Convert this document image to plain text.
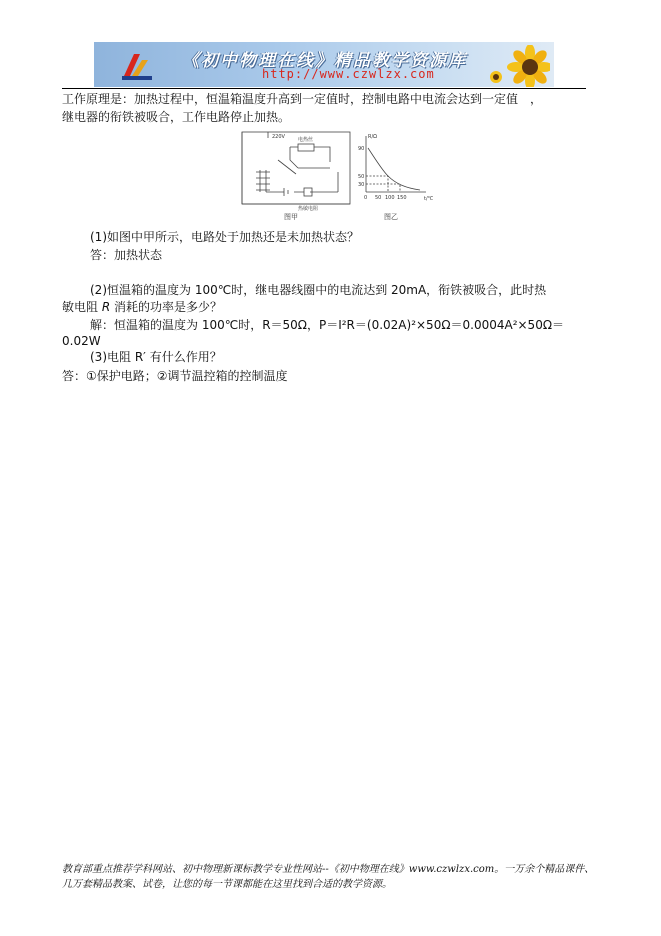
《初中物理在线》精品教学资源库
http://www.czwlzx.com
工作原理是：加热过程中，恒温箱温度升高到一定值时，控制电路中电流会达到一定值　，
继电器的衔铁被吸合，工作电路停止加热。
220V	电热丝
热敏电阻
图甲
R/Ω
t/℃
90
50
30
0 50 100 150
图乙
(1)如图中甲所示，电路处于加热还是未加热状态？
答：加热状态
(2)恒温箱的温度为 100℃时，继电器线圈中的电流达到 20mA，衔铁被吸合，此时热
敏电阻 R 消耗的功率是多少？
解：恒温箱的温度为 100℃时，R＝50Ω，P＝I²R＝(0.02A)²×50Ω＝0.0004A²×50Ω＝
0.02W
(3)电阻 R′ 有什么作用？
答：①保护电路；②调节温控箱的控制温度
教育部重点推荐学科网站、初中物理新课标教学专业性网站--《初中物理在线》www.czwlzx.com。一万余个精品课件、
几万套精品教案、试卷，让您的每一节课都能在这里找到合适的教学资源。
